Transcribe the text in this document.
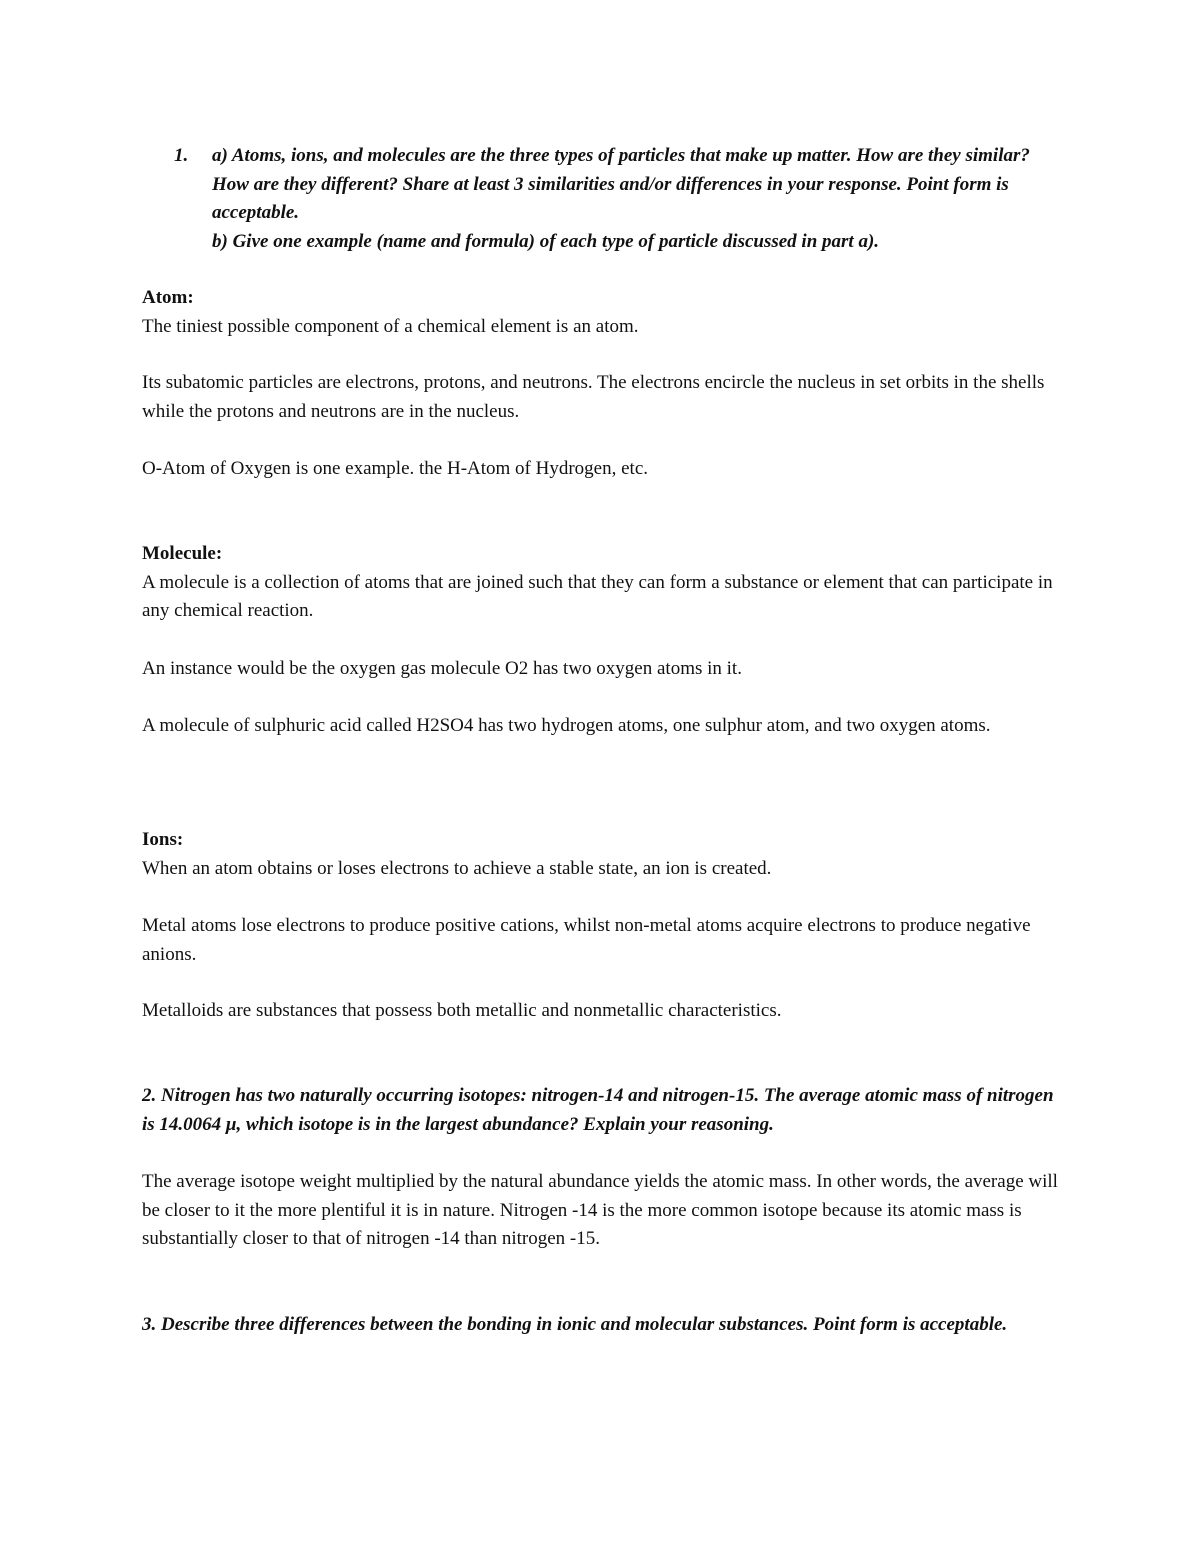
1.	a) Atoms, ions, and molecules are the three types of particles that make up matter. How are they similar? How are they different? Share at least 3 similarities and/or differences in your response. Point form is acceptable.

b) Give one example (name and formula) of each type of particle discussed in part a).

Atom:

The tiniest possible component of a chemical element is an atom.

Its subatomic particles are electrons, protons, and neutrons. The electrons encircle the nucleus in set orbits in the shells while the protons and neutrons are in the nucleus.

O-Atom of Oxygen is one example. the H-Atom of Hydrogen, etc.

Molecule:

A molecule is a collection of atoms that are joined such that they can form a substance or element that can participate in any chemical reaction.

An instance would be the oxygen gas molecule O2 has two oxygen atoms in it.

A molecule of sulphuric acid called H2SO4 has two hydrogen atoms, one sulphur atom, and two oxygen atoms.

Ions:

When an atom obtains or loses electrons to achieve a stable state, an ion is created.

Metal atoms lose electrons to produce positive cations, whilst non-metal atoms acquire electrons to produce negative anions.

Metalloids are substances that possess both metallic and nonmetallic characteristics.

2. Nitrogen has two naturally occurring isotopes: nitrogen-14 and nitrogen-15. The average atomic mass of nitrogen is 14.0064 μ, which isotope is in the largest abundance? Explain your reasoning.

The average isotope weight multiplied by the natural abundance yields the atomic mass. In other words, the average will be closer to it the more plentiful it is in nature. Nitrogen -14 is the more common isotope because its atomic mass is substantially closer to that of nitrogen -14 than nitrogen -15.

3. Describe three differences between the bonding in ionic and molecular substances. Point form is acceptable.
